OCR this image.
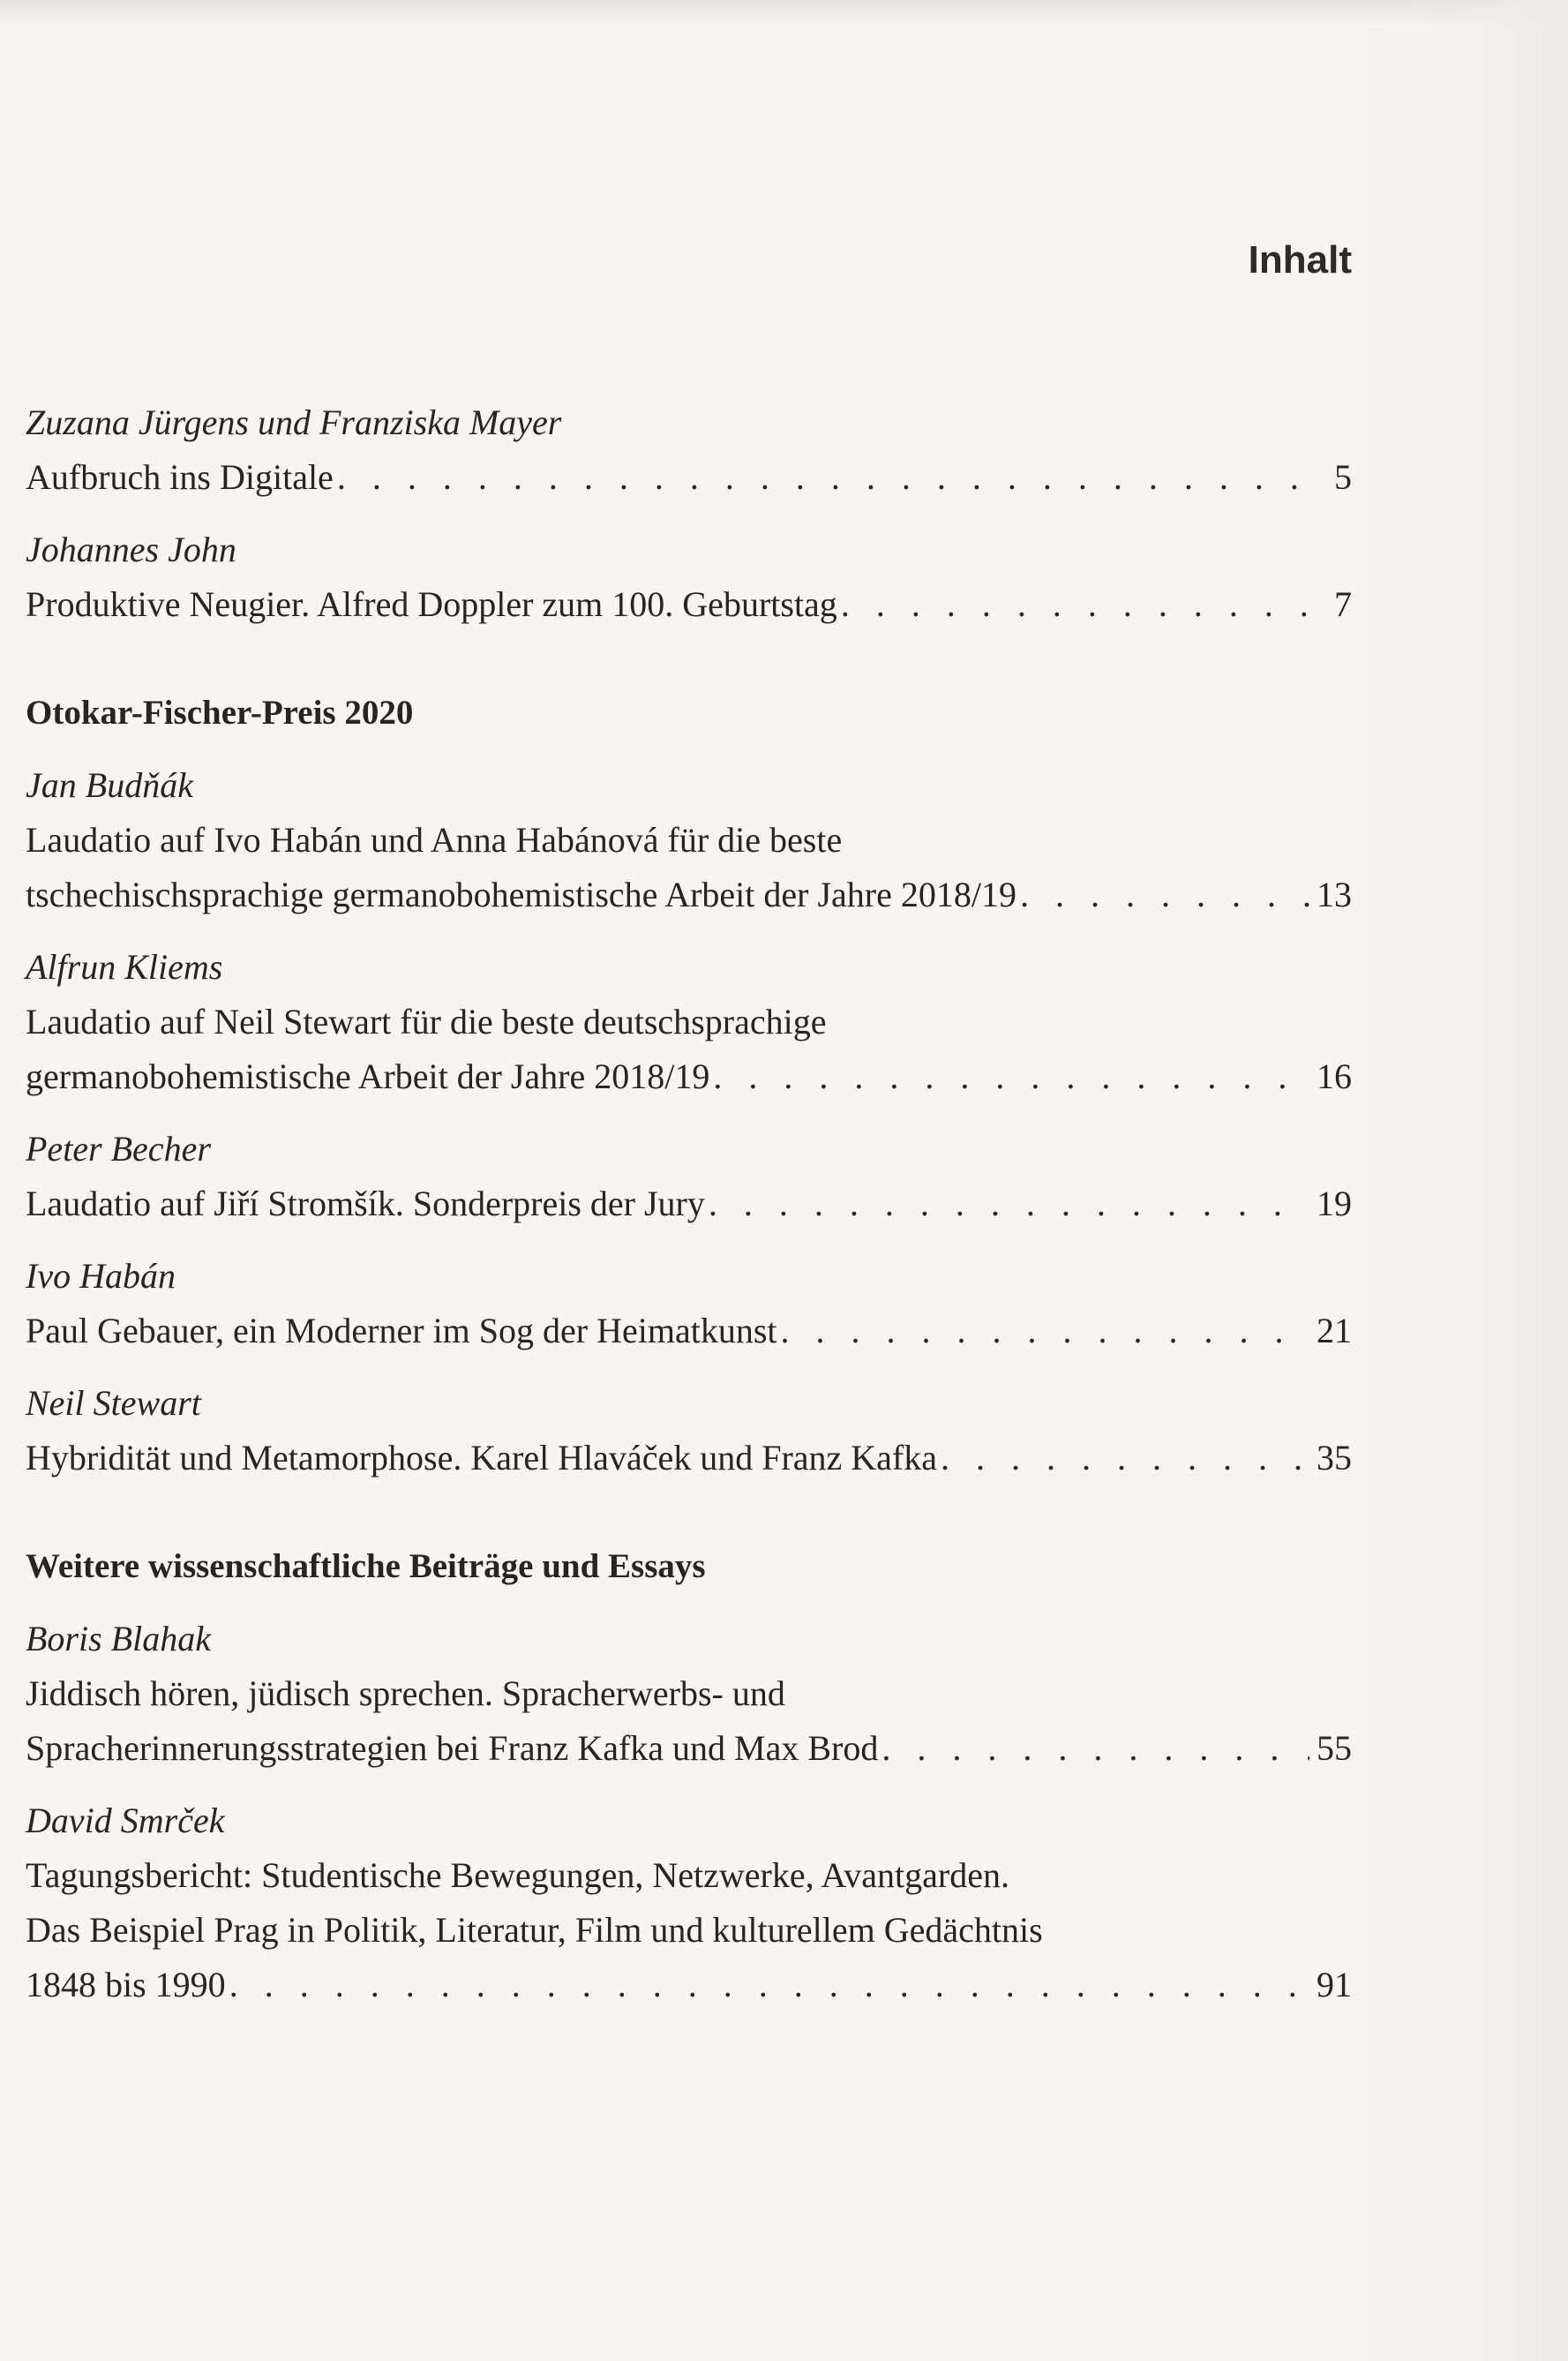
Inhalt
Zuzana Jürgens und Franziska Mayer
Aufbruch ins Digitale . . .	5
Johannes John
Produktive Neugier. Alfred Doppler zum 100. Geburtstag . . .	7
Otokar-Fischer-Preis 2020
Jan Budňák
Laudatio auf Ivo Habán und Anna Habánová für die beste
tschechischsprachige germanobohemistische Arbeit der Jahre 2018/19 . . .	13
Alfrun Kliems
Laudatio auf Neil Stewart für die beste deutschsprachige
germanobohemistische Arbeit der Jahre 2018/19 . . .	16
Peter Becher
Laudatio auf Jiří Stromšík. Sonderpreis der Jury . . .	19
Ivo Habán
Paul Gebauer, ein Moderner im Sog der Heimatkunst . . .	21
Neil Stewart
Hybridität und Metamorphose. Karel Hlaváček und Franz Kafka . . .	35
Weitere wissenschaftliche Beiträge und Essays
Boris Blahak
Jiddisch hören, jüdisch sprechen. Spracherwerbs- und
Spracherinnerungsstrategien bei Franz Kafka und Max Brod . . .	55
David Smrček
Tagungsbericht: Studentische Bewegungen, Netzwerke, Avantgarden.
Das Beispiel Prag in Politik, Literatur, Film und kulturellem Gedächtnis
1848 bis 1990 . . .	91
